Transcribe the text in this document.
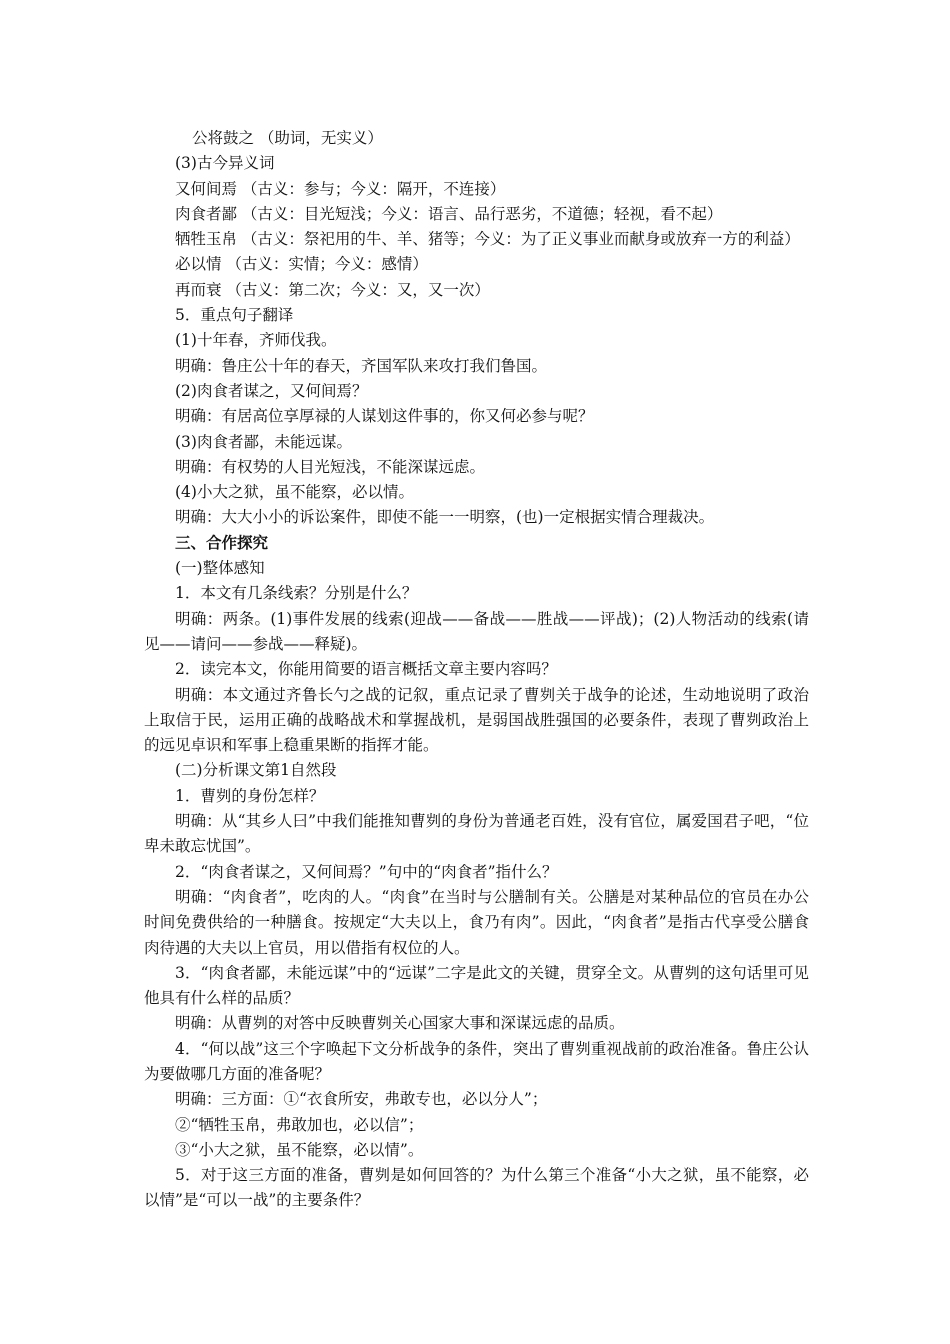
公将鼓之 （助词，无实义）

(3)古今异义词

又何间焉 （古义：参与；今义：隔开，不连接）

肉食者鄙 （古义：目光短浅；今义：语言、品行恶劣，不道德；轻视，看不起）

牺牲玉帛 （古义：祭祀用的牛、羊、猪等；今义：为了正义事业而献身或放弃一方的利益）

必以情 （古义：实情；今义：感情）

再而衰 （古义：第二次；今义：又，又一次）

5．重点句子翻译

(1)十年春，齐师伐我。

明确：鲁庄公十年的春天，齐国军队来攻打我们鲁国。

(2)肉食者谋之，又何间焉？

明确：有居高位享厚禄的人谋划这件事的，你又何必参与呢？

(3)肉食者鄙，未能远谋。

明确：有权势的人目光短浅，不能深谋远虑。

(4)小大之狱，虽不能察，必以情。

明确：大大小小的诉讼案件，即使不能一一明察，(也)一定根据实情合理裁决。

三、合作探究

(一)整体感知

1．本文有几条线索？分别是什么？

明确：两条。(1)事件发展的线索(迎战——备战——胜战——评战)；(2)人物活动的线索(请见——请问——参战——释疑)。

2．读完本文，你能用简要的语言概括文章主要内容吗？

明确：本文通过齐鲁长勺之战的记叙，重点记录了曹刿关于战争的论述，生动地说明了政治上取信于民，运用正确的战略战术和掌握战机，是弱国战胜强国的必要条件，表现了曹刿政治上的远见卓识和军事上稳重果断的指挥才能。

(二)分析课文第1自然段

1．曹刿的身份怎样？

明确：从“其乡人曰”中我们能推知曹刿的身份为普通老百姓，没有官位，属爱国君子吧，“位卑未敢忘忧国”。

2．“肉食者谋之，又何间焉？”句中的“肉食者”指什么？

明确：“肉食者”，吃肉的人。“肉食”在当时与公膳制有关。公膳是对某种品位的官员在办公时间免费供给的一种膳食。按规定“大夫以上，食乃有肉”。因此，“肉食者”是指古代享受公膳食肉待遇的大夫以上官员，用以借指有权位的人。

3．“肉食者鄙，未能远谋”中的“远谋”二字是此文的关键，贯穿全文。从曹刿的这句话里可见他具有什么样的品质？

明确：从曹刿的对答中反映曹刿关心国家大事和深谋远虑的品质。

4．“何以战”这三个字唤起下文分析战争的条件，突出了曹刿重视战前的政治准备。鲁庄公认为要做哪几方面的准备呢？

明确：三方面：①“衣食所安，弗敢专也，必以分人”；

②“牺牲玉帛，弗敢加也，必以信”；

③“小大之狱，虽不能察，必以情”。

5．对于这三方面的准备，曹刿是如何回答的？为什么第三个准备“小大之狱，虽不能察，必以情”是“可以一战”的主要条件？
